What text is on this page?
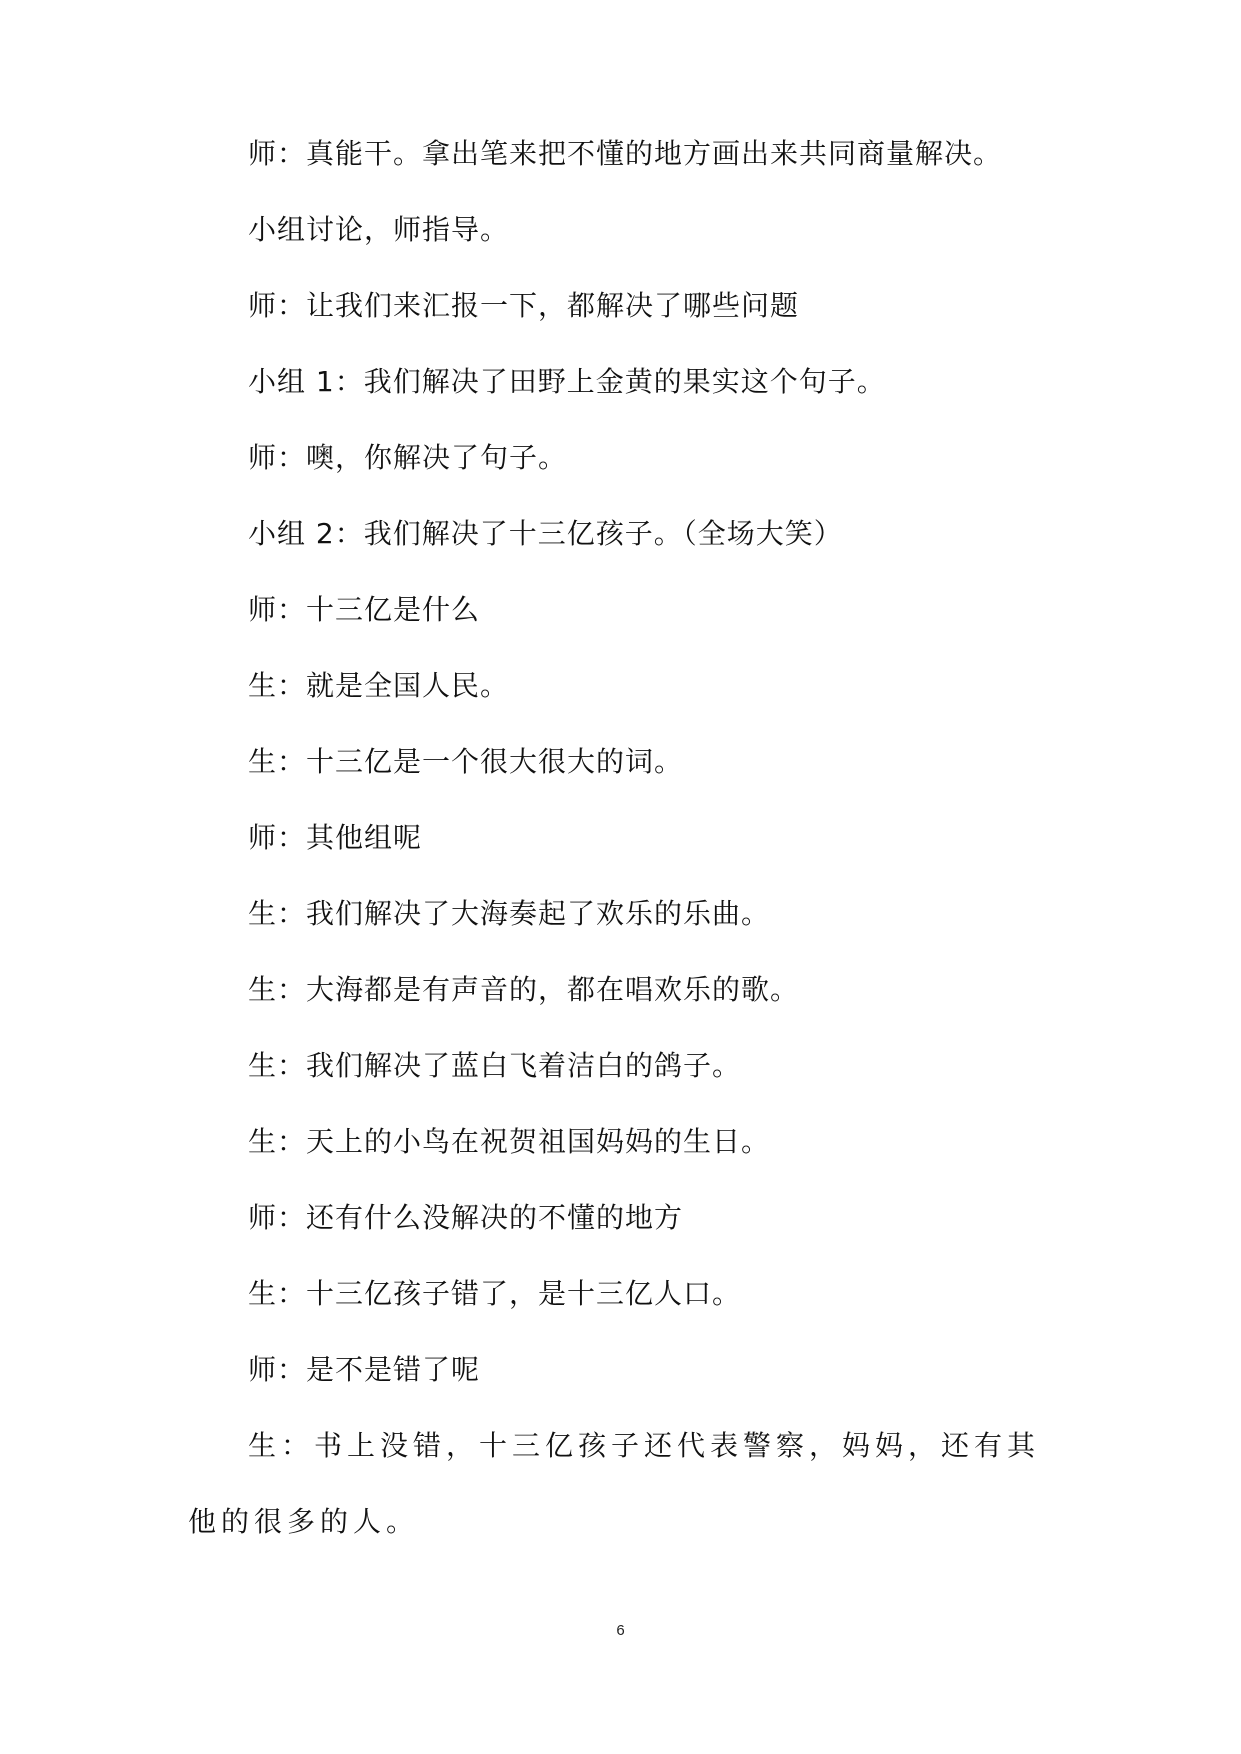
师：真能干。拿出笔来把不懂的地方画出来共同商量解决。
小组讨论，师指导。
师：让我们来汇报一下，都解决了哪些问题
小组 1：我们解决了田野上金黄的果实这个句子。
师：噢，你解决了句子。
小组 2：我们解决了十三亿孩子。（全场大笑）
师：十三亿是什么
生：就是全国人民。
生：十三亿是一个很大很大的词。
师：其他组呢
生：我们解决了大海奏起了欢乐的乐曲。
生：大海都是有声音的，都在唱欢乐的歌。
生：我们解决了蓝白飞着洁白的鸽子。
生：天上的小鸟在祝贺祖国妈妈的生日。
师：还有什么没解决的不懂的地方
生：十三亿孩子错了，是十三亿人口。
师：是不是错了呢
生：书上没错，十三亿孩子还代表警察，妈妈，还有其他的很多的人。
6
